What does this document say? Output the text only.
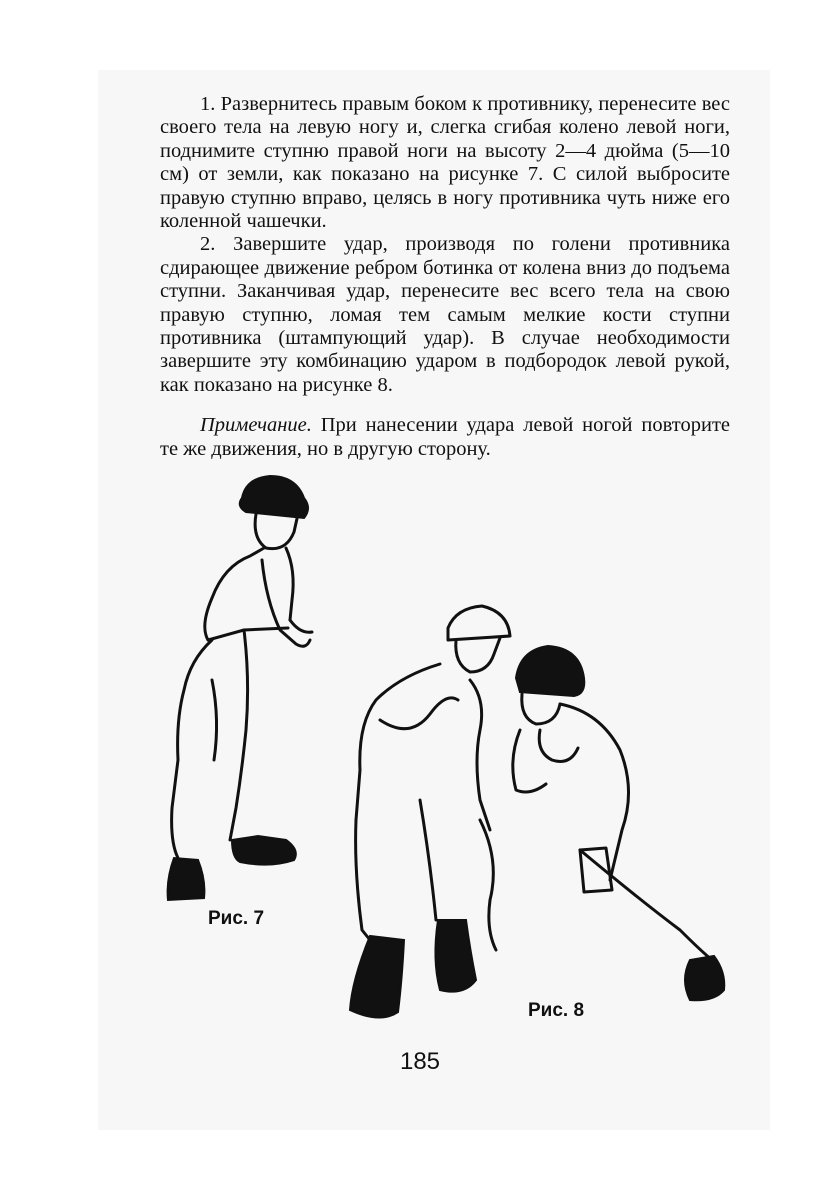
1. Развернитесь правым боком к противнику, перенесите вес своего тела на левую ногу и, слегка сгибая колено левой ноги, поднимите ступню правой ноги на высоту 2—4 дюйма (5—10 см) от земли, как показано на рисунке 7. С силой выбросите правую ступню вправо, целясь в ногу противника чуть ниже его коленной чашечки.

2. Завершите удар, производя по голени противника сдирающее движение ребром ботинка от колена вниз до подъема ступни. Заканчивая удар, перенесите вес всего тела на свою правую ступню, ломая тем самым мелкие кости ступни противника (штампующий удар). В случае необходимости завершите эту комбинацию ударом в подбородок левой рукой, как показано на рисунке 8.

Примечание. При нанесении удара левой ногой повторите те же движения, но в другую сторону.

Рис. 7
Рис. 8
185
